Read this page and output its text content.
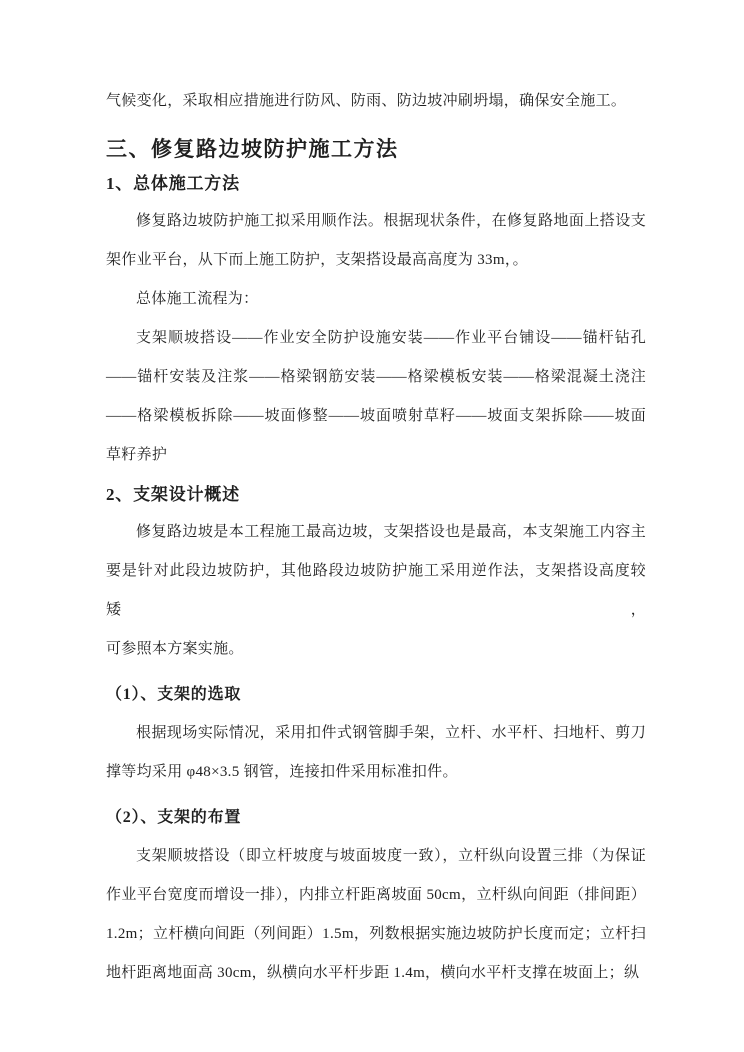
气候变化，采取相应措施进行防风、防雨、防边坡冲刷坍塌，确保安全施工。
三、修复路边坡防护施工方法
1、总体施工方法
修复路边坡防护施工拟采用顺作法。根据现状条件，在修复路地面上搭设支
架作业平台，从下而上施工防护，支架搭设最高高度为 33m，。
总体施工流程为：
支架顺坡搭设——作业安全防护设施安装——作业平台铺设——锚杆钻孔
——锚杆安装及注浆——格梁钢筋安装——格梁模板安装——格梁混凝土浇注
——格梁模板拆除——坡面修整——坡面喷射草籽——坡面支架拆除——坡面
草籽养护
2、支架设计概述
修复路边坡是本工程施工最高边坡，支架搭设也是最高，本支架施工内容主
要是针对此段边坡防护，其他路段边坡防护施工采用逆作法，支架搭设高度较矮，
可参照本方案实施。
（1）、支架的选取
根据现场实际情况，采用扣件式钢管脚手架，立杆、水平杆、扫地杆、剪刀
撑等均采用 φ48×3.5 钢管，连接扣件采用标准扣件。
（2）、支架的布置
支架顺坡搭设（即立杆坡度与坡面坡度一致），立杆纵向设置三排（为保证
作业平台宽度而增设一排），内排立杆距离坡面 50cm，立杆纵向间距（排间距）
1.2m；立杆横向间距（列间距）1.5m，列数根据实施边坡防护长度而定；立杆扫
地杆距离地面高 30cm，纵横向水平杆步距 1.4m，横向水平杆支撑在坡面上；纵
